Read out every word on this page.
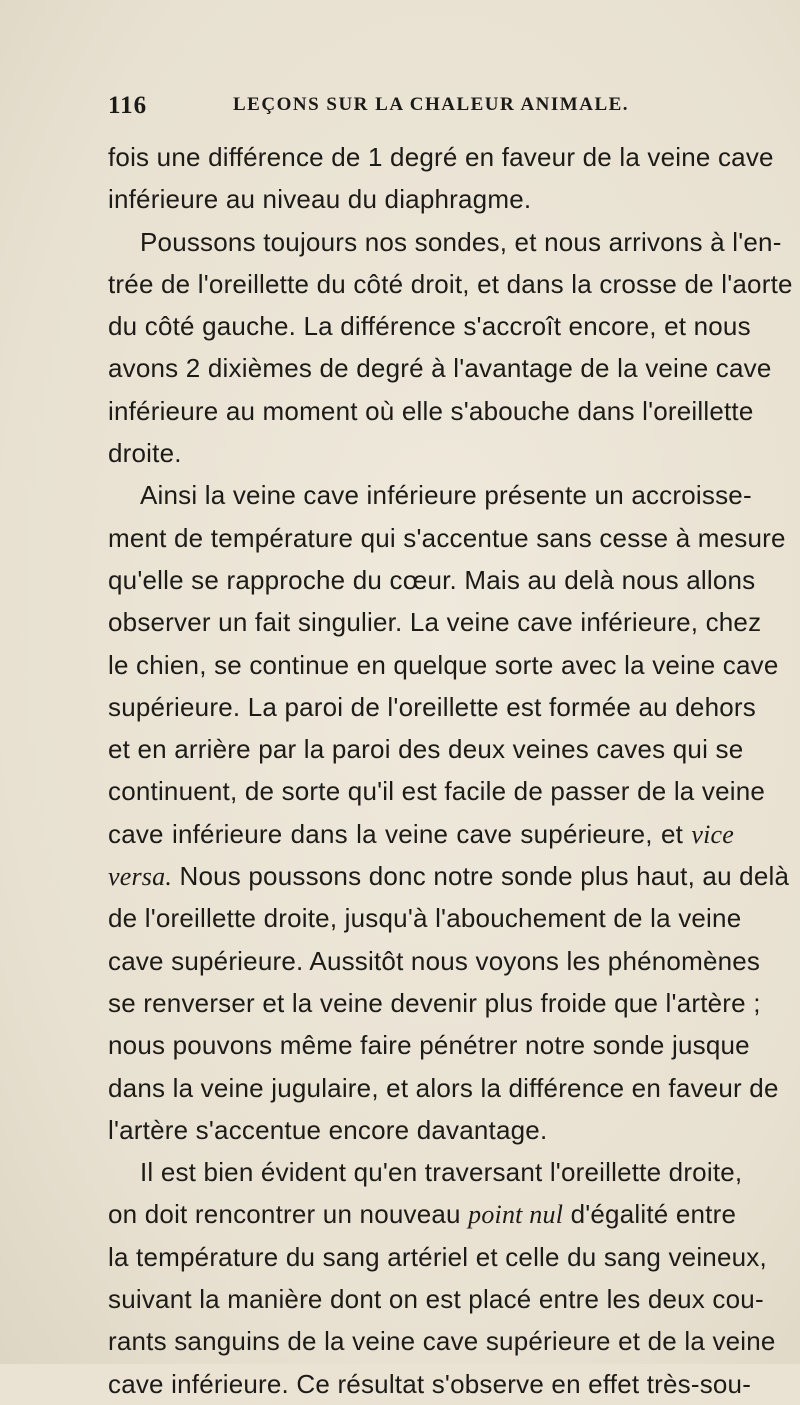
116	LEÇONS SUR LA CHALEUR ANIMALE.
fois une différence de 1 degré en faveur de la veine cave
inférieure au niveau du diaphragme.
Poussons toujours nos sondes, et nous arrivons à l'en-
trée de l'oreillette du côté droit, et dans la crosse de l'aorte
du côté gauche. La différence s'accroît encore, et nous
avons 2 dixièmes de degré à l'avantage de la veine cave
inférieure au moment où elle s'abouche dans l'oreillette
droite.
Ainsi la veine cave inférieure présente un accroisse-
ment de température qui s'accentue sans cesse à mesure
qu'elle se rapproche du cœur. Mais au delà nous allons
observer un fait singulier. La veine cave inférieure, chez
le chien, se continue en quelque sorte avec la veine cave
supérieure. La paroi de l'oreillette est formée au dehors
et en arrière par la paroi des deux veines caves qui se
continuent, de sorte qu'il est facile de passer de la veine
cave inférieure dans la veine cave supérieure, et vice
versa. Nous poussons donc notre sonde plus haut, au delà
de l'oreillette droite, jusqu'à l'abouchement de la veine
cave supérieure. Aussitôt nous voyons les phénomènes
se renverser et la veine devenir plus froide que l'artère ;
nous pouvons même faire pénétrer notre sonde jusque
dans la veine jugulaire, et alors la différence en faveur de
l'artère s'accentue encore davantage.
Il est bien évident qu'en traversant l'oreillette droite,
on doit rencontrer un nouveau point nul d'égalité entre
la température du sang artériel et celle du sang veineux,
suivant la manière dont on est placé entre les deux cou-
rants sanguins de la veine cave supérieure et de la veine
cave inférieure. Ce résultat s'observe en effet très-sou-
